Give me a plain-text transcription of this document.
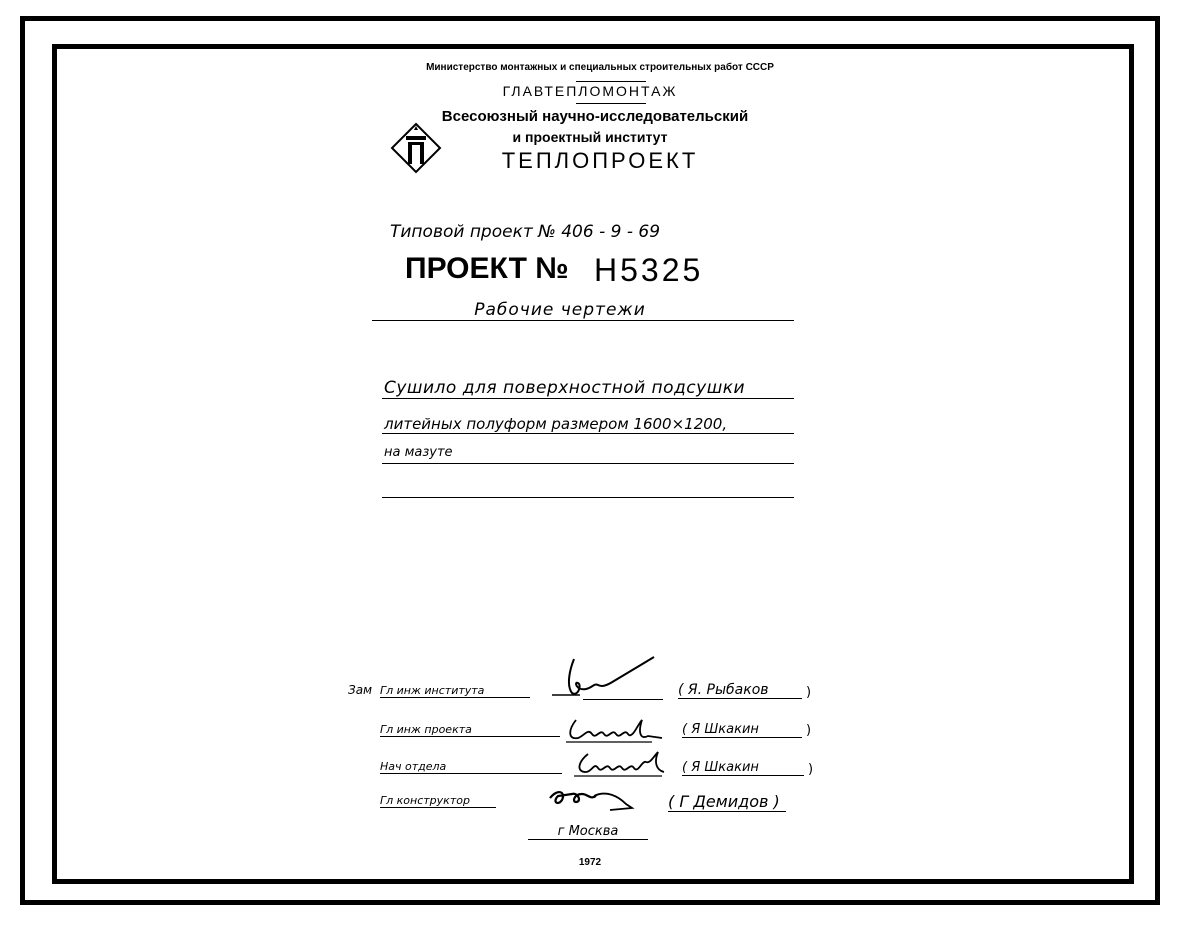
Министерство монтажных и специальных строительных работ СССР
ГЛАВТЕПЛОМОНТАЖ
Всесоюзный научно-исследовательский
и проектный институт
ТЕПЛОПРОЕКТ
Типовой проект № 406 - 9 - 69
ПРОЕКТ № Н5325
Рабочие чертежи
Сушило для поверхностной подсушки
литейных полуформ размером 1600×1200,
на мазуте
Зам Гл инж института	( Я. Рыбаков	)
Гл инж проекта	( Я Шкакин	)
Нач отдела	( Я Шкакин	)
Гл конструктор	( Г Демидов )
г Москва
1972
